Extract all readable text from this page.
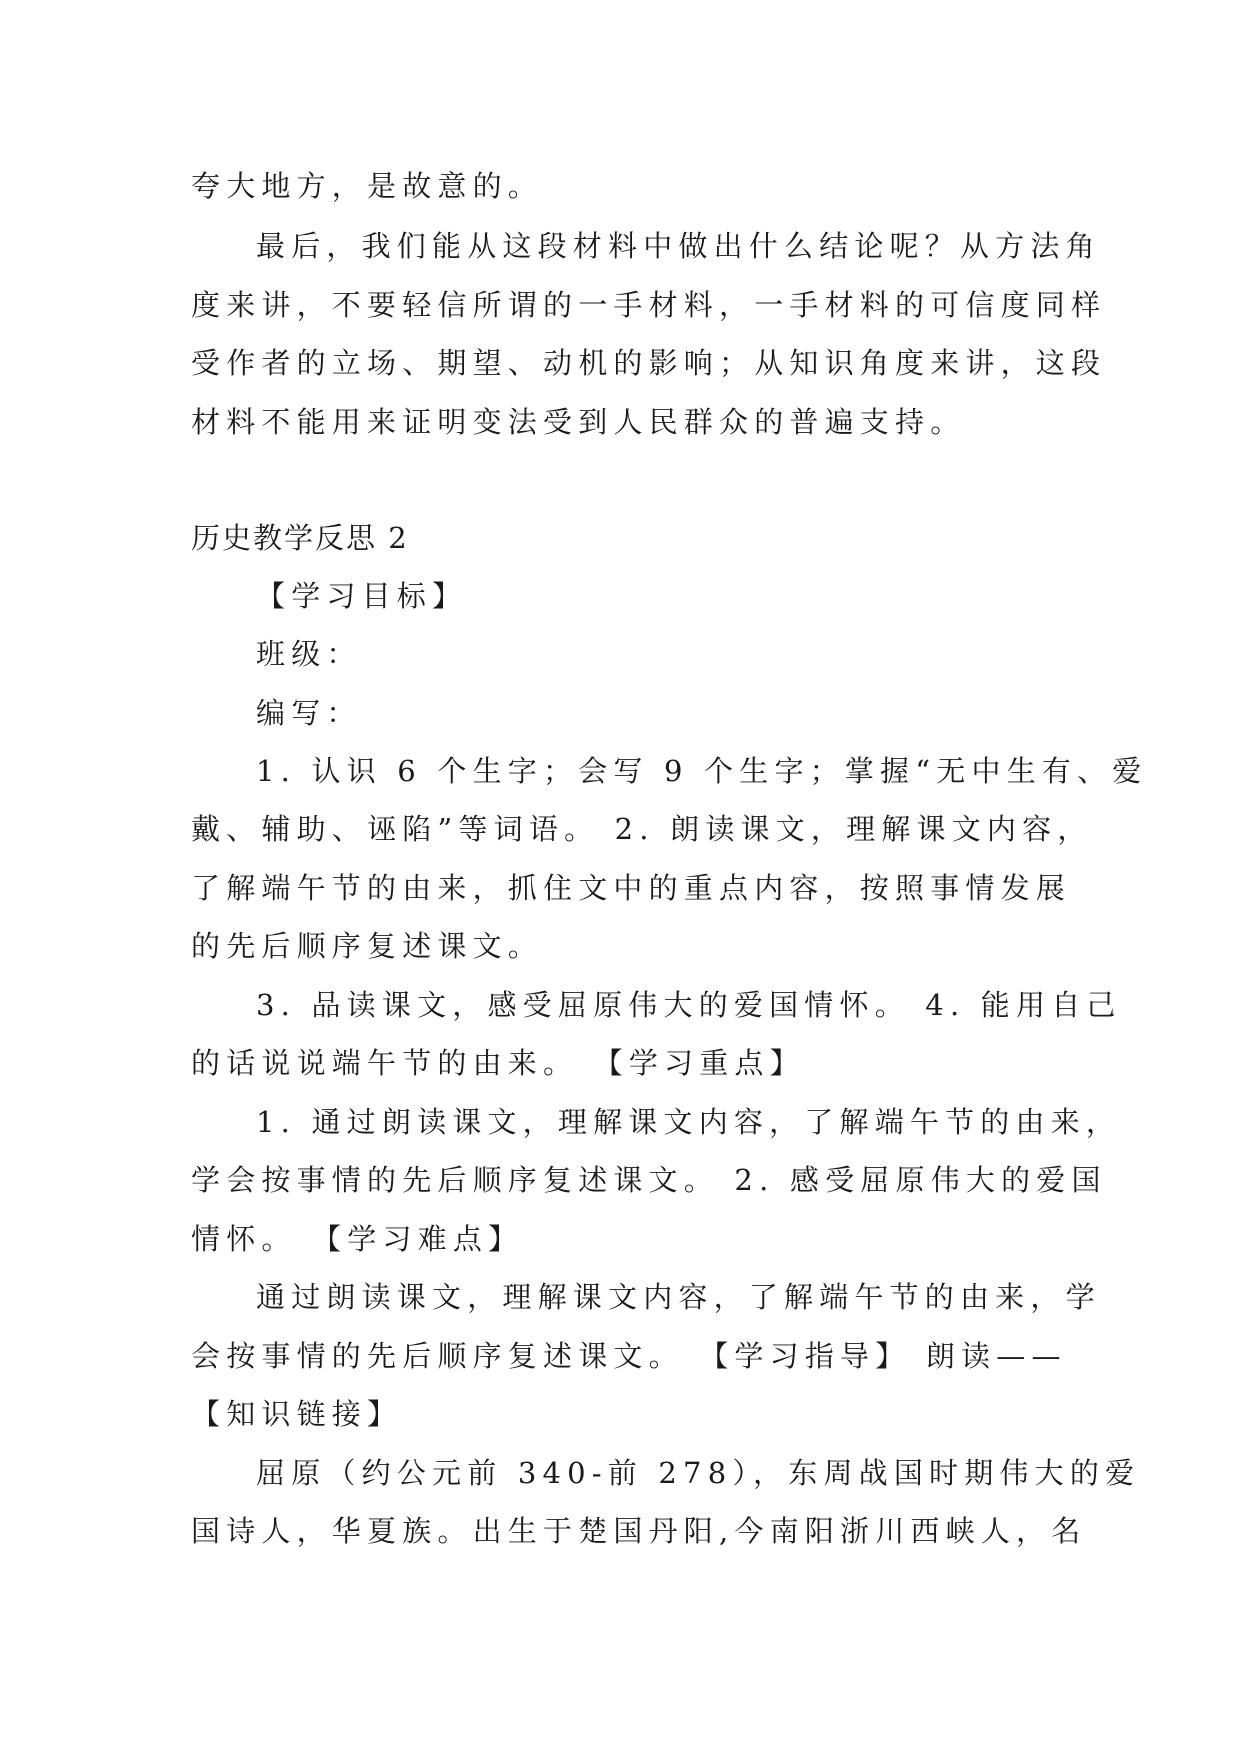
夸大地方，是故意的。
最后，我们能从这段材料中做出什么结论呢？从方法角
度来讲，不要轻信所谓的一手材料，一手材料的可信度同样
受作者的立场、期望、动机的影响；从知识角度来讲，这段
材料不能用来证明变法受到人民群众的普遍支持。
历史教学反思 2
【学习目标】
班级：
编写：
1. 认识 6 个生字；会写 9 个生字；掌握“无中生有、爱
戴、辅助、诬陷”等词语。 2. 朗读课文，理解课文内容，
了解端午节的由来，抓住文中的重点内容，按照事情发展
的先后顺序复述课文。
3. 品读课文，感受屈原伟大的爱国情怀。 4. 能用自己
的话说说端午节的由来。 【学习重点】
1. 通过朗读课文，理解课文内容，了解端午节的由来，
学会按事情的先后顺序复述课文。 2. 感受屈原伟大的爱国
情怀。 【学习难点】
通过朗读课文，理解课文内容，了解端午节的由来，学
会按事情的先后顺序复述课文。 【学习指导】 朗读——
【知识链接】
屈原（约公元前 340-前 278），东周战国时期伟大的爱
国诗人，华夏族。出生于楚国丹阳,今南阳浙川西峡人，名
